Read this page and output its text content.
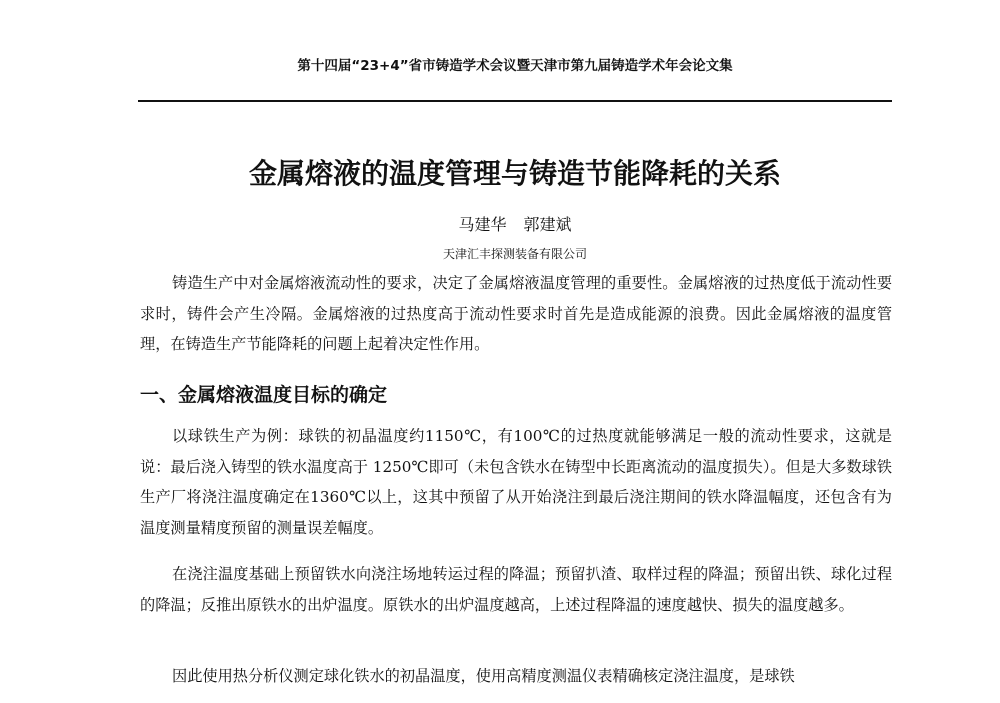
第十四届“23+4”省市铸造学术会议暨天津市第九届铸造学术年会论文集
金属熔液的温度管理与铸造节能降耗的关系
马建华 郭建斌
天津汇丰探测装备有限公司

铸造生产中对金属熔液流动性的要求，决定了金属熔液温度管理的重要性。金属熔液的过热度低于流动性要求时，铸件会产生冷隔。金属熔液的过热度高于流动性要求时首先是造成能源的浪费。因此金属熔液的温度管理，在铸造生产节能降耗的问题上起着决定性作用。

一、金属熔液温度目标的确定

以球铁生产为例：球铁的初晶温度约1150℃，有100℃的过热度就能够满足一般的流动性要求，这就是说：最后浇入铸型的铁水温度高于 1250℃即可（未包含铁水在铸型中长距离流动的温度损失）。但是大多数球铁生产厂将浇注温度确定在1360℃以上，这其中预留了从开始浇注到最后浇注期间的铁水降温幅度，还包含有为温度测量精度预留的测量误差幅度。

在浇注温度基础上预留铁水向浇注场地转运过程的降温；预留扒渣、取样过程的降温；预留出铁、球化过程的降温；反推出原铁水的出炉温度。原铁水的出炉温度越高，上述过程降温的速度越快、损失的温度越多。

因此使用热分析仪测定球化铁水的初晶温度，使用高精度测温仪表精确核定浇注温度，是球铁
